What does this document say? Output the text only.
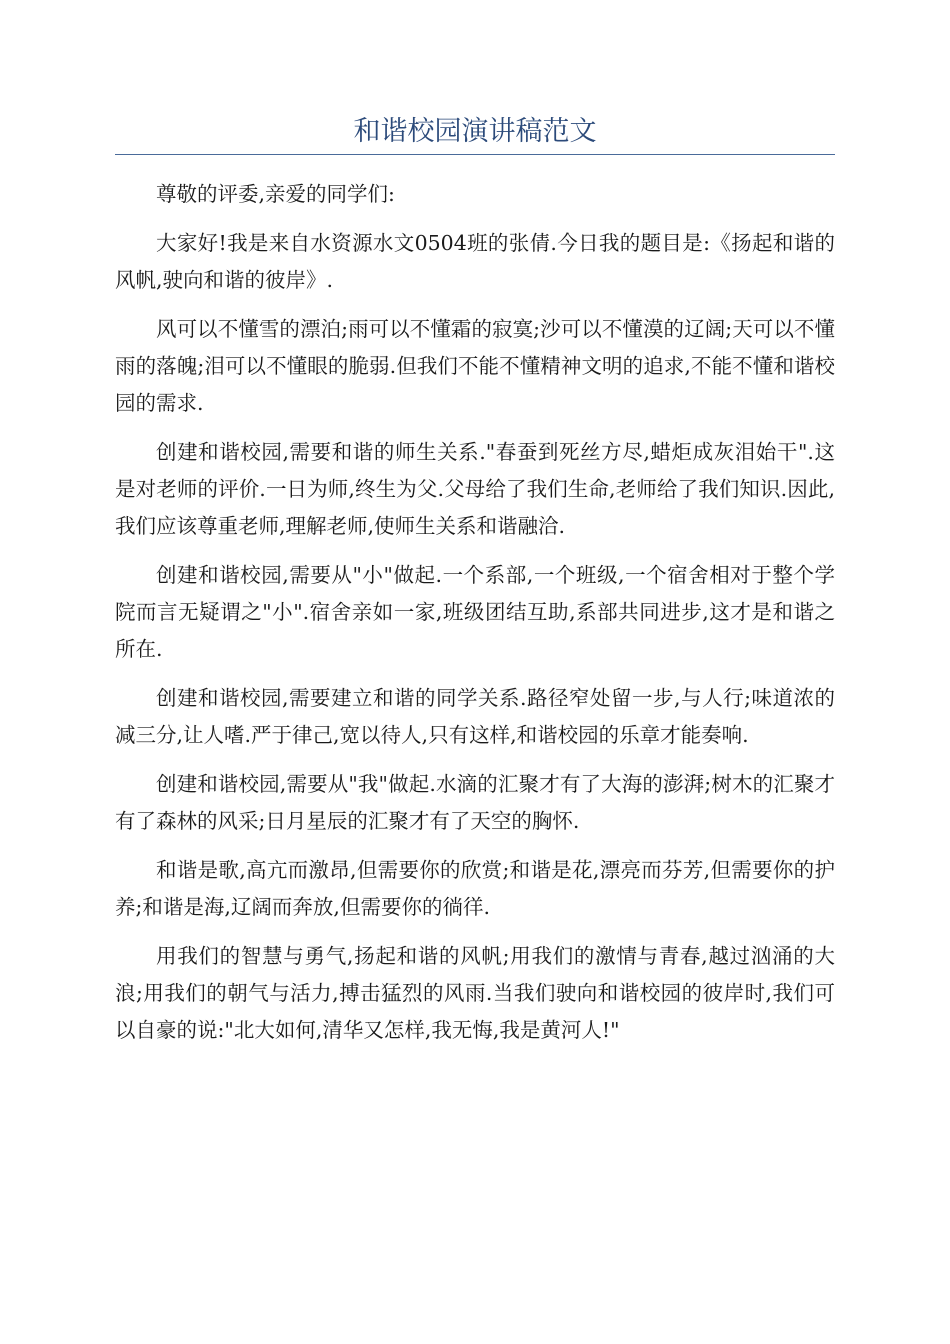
和谐校园演讲稿范文

尊敬的评委,亲爱的同学们:

大家好!我是来自水资源水文0504班的张倩.今日我的题目是:《扬起和谐的风帆,驶向和谐的彼岸》.

风可以不懂雪的漂泊;雨可以不懂霜的寂寞;沙可以不懂漠的辽阔;天可以不懂雨的落魄;泪可以不懂眼的脆弱.但我们不能不懂精神文明的追求,不能不懂和谐校园的需求.

创建和谐校园,需要和谐的师生关系."春蚕到死丝方尽,蜡炬成灰泪始干".这是对老师的评价.一日为师,终生为父.父母给了我们生命,老师给了我们知识.因此,我们应该尊重老师,理解老师,使师生关系和谐融洽.

创建和谐校园,需要从"小"做起.一个系部,一个班级,一个宿舍相对于整个学院而言无疑谓之"小".宿舍亲如一家,班级团结互助,系部共同进步,这才是和谐之所在.

创建和谐校园,需要建立和谐的同学关系.路径窄处留一步,与人行;味道浓的减三分,让人嗜.严于律己,宽以待人,只有这样,和谐校园的乐章才能奏响.

创建和谐校园,需要从"我"做起.水滴的汇聚才有了大海的澎湃;树木的汇聚才有了森林的风采;日月星辰的汇聚才有了天空的胸怀.

和谐是歌,高亢而激昂,但需要你的欣赏;和谐是花,漂亮而芬芳,但需要你的护养;和谐是海,辽阔而奔放,但需要你的徜徉.

用我们的智慧与勇气,扬起和谐的风帆;用我们的激情与青春,越过汹涌的大浪;用我们的朝气与活力,搏击猛烈的风雨.当我们驶向和谐校园的彼岸时,我们可以自豪的说:"北大如何,清华又怎样,我无悔,我是黄河人!"
